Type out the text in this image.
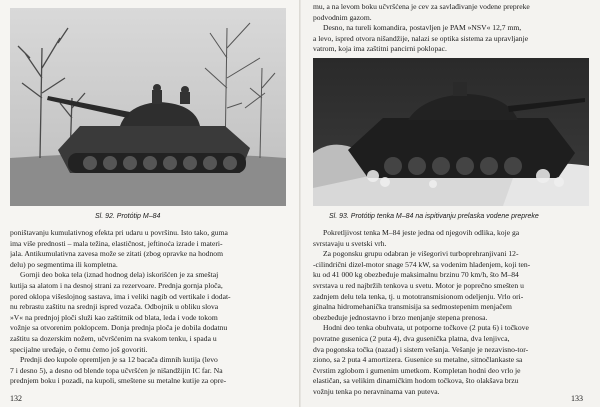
Sl. 92. Protótip M–84
poništavanju kumulativnog efekta pri udaru u površinu. Isto tako, guma
ima više prednosti – mala težina, elastičnost, jeftinoća izrade i materi-
jala. Antikumulativna zavesa može se zitati (zbog opravke na hodnom
delu) po segmentima ili kompletna.
Gornji deo boka tela (iznad hodnog dela) iskorišćen je za smeštaj
kutija sa alatom i na desnoj strani za rezervoare. Prednja gornja ploča,
pored oklopa višeslojnog sastava, ima i veliki nagib od vertikale i dodat-
nu rebrastu zaštitu na srednji ispred vozača. Odbojnik u obliku slova
»V« na prednjoj ploči služi kao zaštitnik od blata, leda i vode tokom
vožnje sa otvorenim poklopcem. Donja prednja ploča je dobila dodatnu
zaštitu sa dozerskim nožem, učvršćenim na svakom tenku, i spada u
specijalne uređaje, o čemu ćemo još govoriti.
Prednji deo kupole opremljen je sa 12 bacača dimnih kutija (levo
7 i desno 5), a desno od blende topa učvršćen je nišandžijin IC far. Na
prednjem boku i pozadi, na kupoli, smeštene su metalne kutije za opre-
132
mu, a na levom boku učvršćena je cev za savlađivanje vodene prepreke
podvodnim gazom.
Desno, na tureli komandira, postavljen je PAM »NSV« 12,7 mm,
a levo, ispred otvora nišandžije, nalazi se optika sistema za upravljanje
vatrom, koja ima zaštitni pancirni poklopac.
Sl. 93. Protótip tenka M–84 na ispitivanju prelaska vodene prepreke
Pokretljivost tenka M–84 jeste jedna od njegovih odlika, koje ga
svrstavaju u svetski vrh.
Za pogonsku grupu odabran je višegorivi turboprehranjivani 12-
-cilindrični dizel-motor snage 574 kW, sa vodenim hlađenjem, koji ten-
ku od 41 000 kg obezbeđuje maksimalnu brzinu 70 km/h, što M–84
svrstava u red najbržih tenkova u svetu. Motor je poprečno smešten u
zadnjem delu tela tenka, tj. u mototransmisionom odeljenju. Vrlo ori-
ginalna hidromehanička transmisija sa sedmostepenim menjačem
obezbeđuje jednostavno i brzo menjanje stepena prenosa.
Hodni deo tenka obuhvata, ut potporne točkove (2 puta 6) i točkove
povratne gusenica (2 puta 4), dva gusenička platna, dva lenjivca,
dva pogonska točka (nazad) i sistem vešanja. Vešanje je nezavisno-tor-
ziono, sa 2 puta 4 amortizera. Gusenice su metalne, sitnočlankaste sa
čvrstim zglobom i gumenim umetkom. Kompletan hodni deo vrlo je
elastičan, sa velikim dinamičkim hodom točkova, što olakšava brzu
vožnju tenka po neravninama van puteva.
133
